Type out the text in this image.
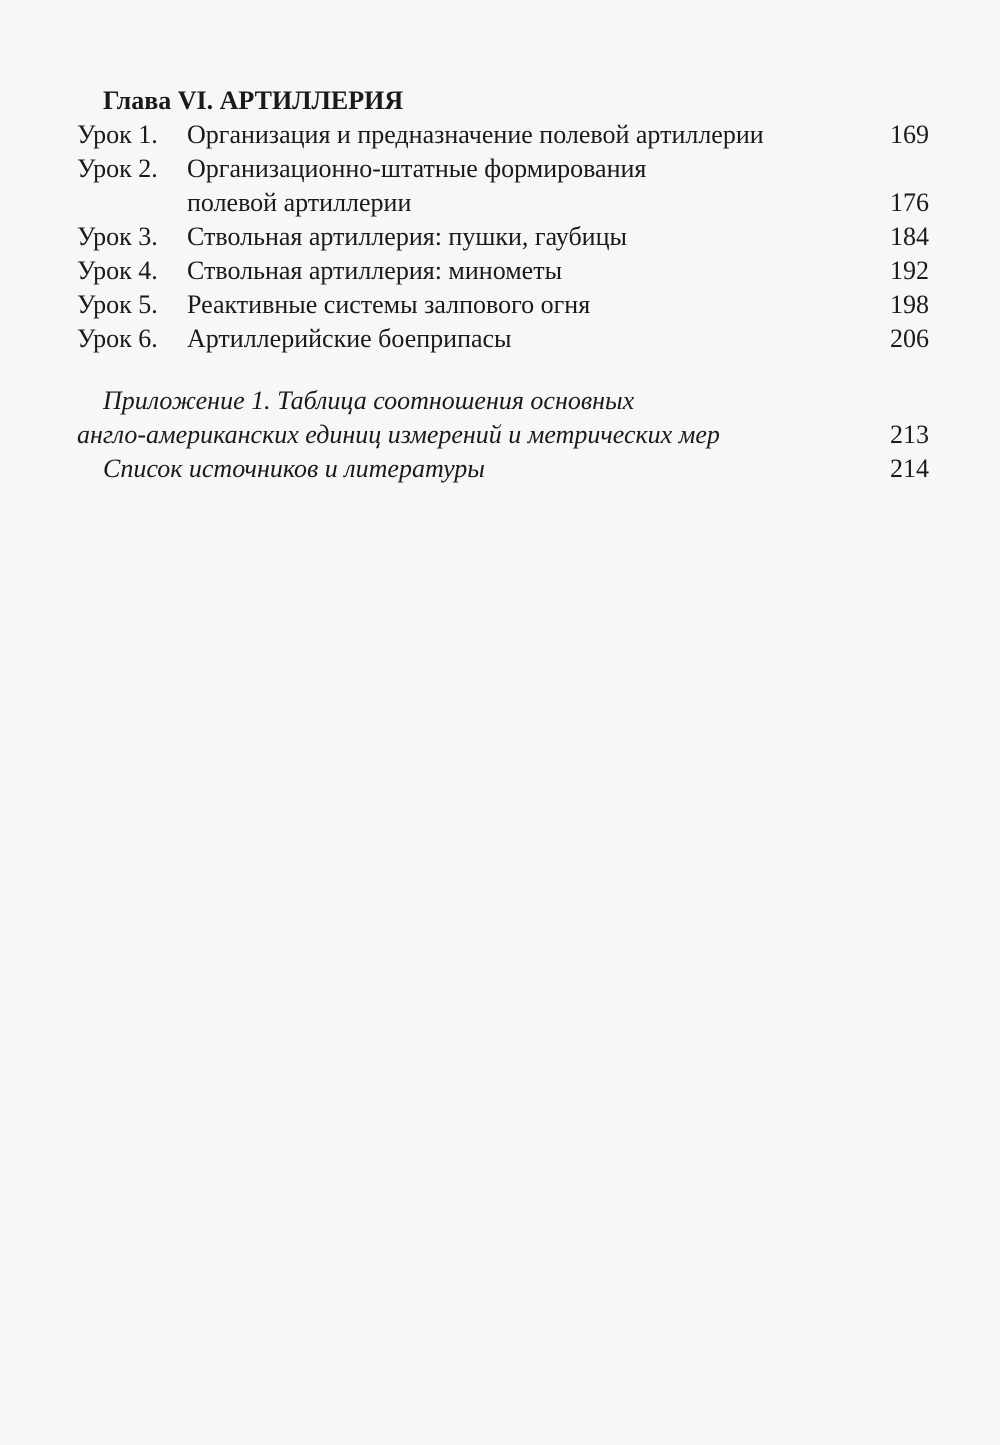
Глава VI. АРТИЛЛЕРИЯ
Урок 1.	Организация и предназначение полевой артиллерии	169
Урок 2.	Организационно-штатные формирования
полевой артиллерии	176
Урок 3.	Ствольная артиллерия: пушки, гаубицы	184
Урок 4.	Ствольная артиллерия: минометы	192
Урок 5.	Реактивные системы залпового огня	198
Урок 6.	Артиллерийские боеприпасы	206
Приложение 1. Таблица соотношения основных
англо-американских единиц измерений и метрических мер	213
Список источников и литературы	214
